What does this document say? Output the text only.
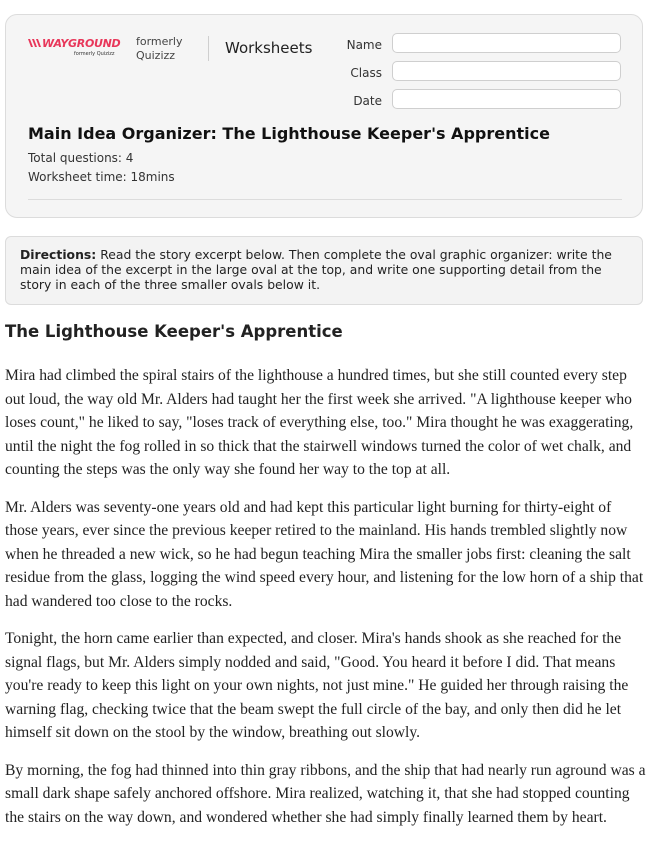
WAYGROUND
formerly Quizizz
formerly
Quizizz	Worksheets	Name
Class
Date
Main Idea Organizer: The Lighthouse Keeper's Apprentice
Total questions: 4
Worksheet time: 18mins
Directions: Read the story excerpt below. Then complete the oval graphic organizer: write the main idea of the excerpt in the large oval at the top, and write one supporting detail from the story in each of the three smaller ovals below it.
The Lighthouse Keeper's Apprentice

Mira had climbed the spiral stairs of the lighthouse a hundred times, but she still counted every step out loud, the way old Mr. Alders had taught her the first week she arrived. "A lighthouse keeper who loses count," he liked to say, "loses track of everything else, too." Mira thought he was exaggerating, until the night the fog rolled in so thick that the stairwell windows turned the color of wet chalk, and counting the steps was the only way she found her way to the top at all.

Mr. Alders was seventy-one years old and had kept this particular light burning for thirty-eight of those years, ever since the previous keeper retired to the mainland. His hands trembled slightly now when he threaded a new wick, so he had begun teaching Mira the smaller jobs first: cleaning the salt residue from the glass, logging the wind speed every hour, and listening for the low horn of a ship that had wandered too close to the rocks.

Tonight, the horn came earlier than expected, and closer. Mira's hands shook as she reached for the signal flags, but Mr. Alders simply nodded and said, "Good. You heard it before I did. That means you're ready to keep this light on your own nights, not just mine." He guided her through raising the warning flag, checking twice that the beam swept the full circle of the bay, and only then did he let himself sit down on the stool by the window, breathing out slowly.

By morning, the fog had thinned into thin gray ribbons, and the ship that had nearly run aground was a small dark shape safely anchored offshore. Mira realized, watching it, that she had stopped counting the stairs on the way down, and wondered whether she had simply finally learned them by heart.
